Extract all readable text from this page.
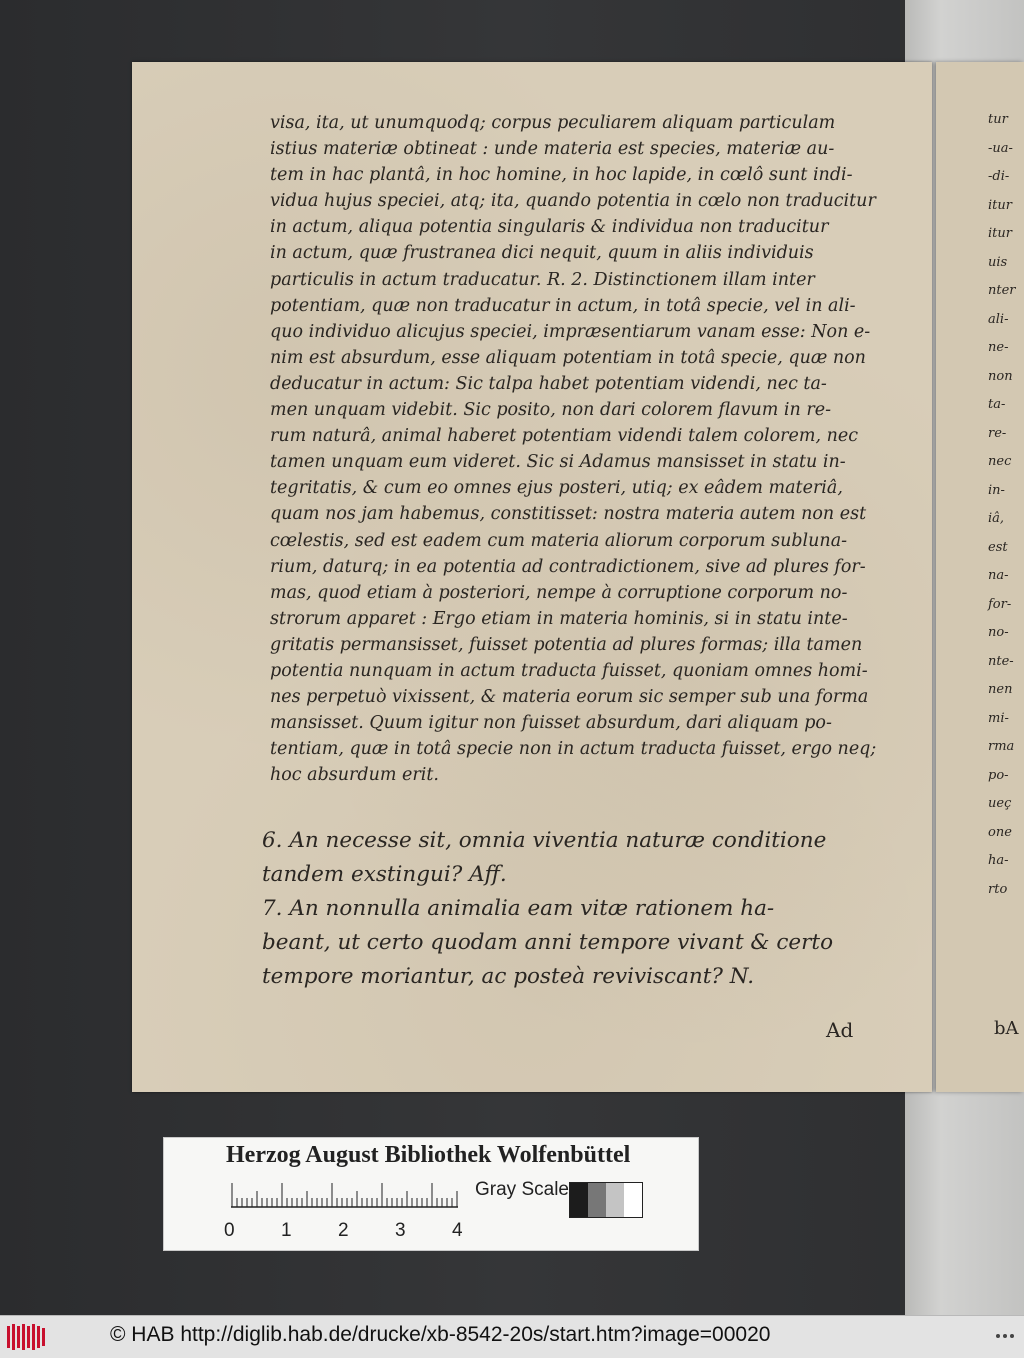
visa, ita, ut unumquodq; corpus peculiarem aliquam particulam
istius materiæ obtineat : unde materia est species, materiæ au-
tem in hac plantâ, in hoc homine, in hoc lapide, in cœlô sunt indi-
vidua hujus speciei, atq; ita, quando potentia in cœlo non traducitur
in actum, aliqua potentia singularis & individua non traducitur
in actum, quæ frustranea dici nequit, quum in aliis individuis
particulis in actum traducatur. R. 2. Distinctionem illam inter
potentiam, quæ non traducatur in actum, in totâ specie, vel in ali-
quo individuo alicujus speciei, impræsentiarum vanam esse: Non e-
nim est absurdum, esse aliquam potentiam in totâ specie, quæ non
deducatur in actum: Sic talpa habet potentiam videndi, nec ta-
men unquam videbit. Sic posito, non dari colorem flavum in re-
rum naturâ, animal haberet potentiam videndi talem colorem, nec
tamen unquam eum videret. Sic si Adamus mansisset in statu in-
tegritatis, & cum eo omnes ejus posteri, utiq; ex eâdem materiâ,
quam nos jam habemus, constitisset: nostra materia autem non est
cœlestis, sed est eadem cum materia aliorum corporum subluna-
rium, daturq; in ea potentia ad contradictionem, sive ad plures for-
mas, quod etiam à posteriori, nempe à corruptione corporum no-
strorum apparet : Ergo etiam in materia hominis, si in statu inte-
gritatis permansisset, fuisset potentia ad plures formas; illa tamen
potentia nunquam in actum traducta fuisset, quoniam omnes homi-
nes perpetuò vixissent, & materia eorum sic semper sub una forma
mansisset. Quum igitur non fuisset absurdum, dari aliquam po-
tentiam, quæ in totâ specie non in actum traducta fuisset, ergo neq;
hoc absurdum erit.
6. An necesse sit, omnia viventia naturæ conditione
tandem exstingui? Aff.
7. An nonnulla animalia eam vitæ rationem ha-
beant, ut certo quodam anni tempore vivant & certo
tempore moriantur, ac posteà reviviscant? N.
Ad
tur
-ua-
-di-
itur
itur
uis
nter
ali-
ne-
non
ta-
re-
nec
in-
iâ,
est
na-
for-
no-
nte-
nen
mi-
rma
po-
ueç
one
ha-
rto
bA
Herzog August Bibliothek Wolfenbüttel
0 1 2 3 4
Gray Scale
© HAB http://diglib.hab.de/drucke/xb-8542-20s/start.htm?image=00020
